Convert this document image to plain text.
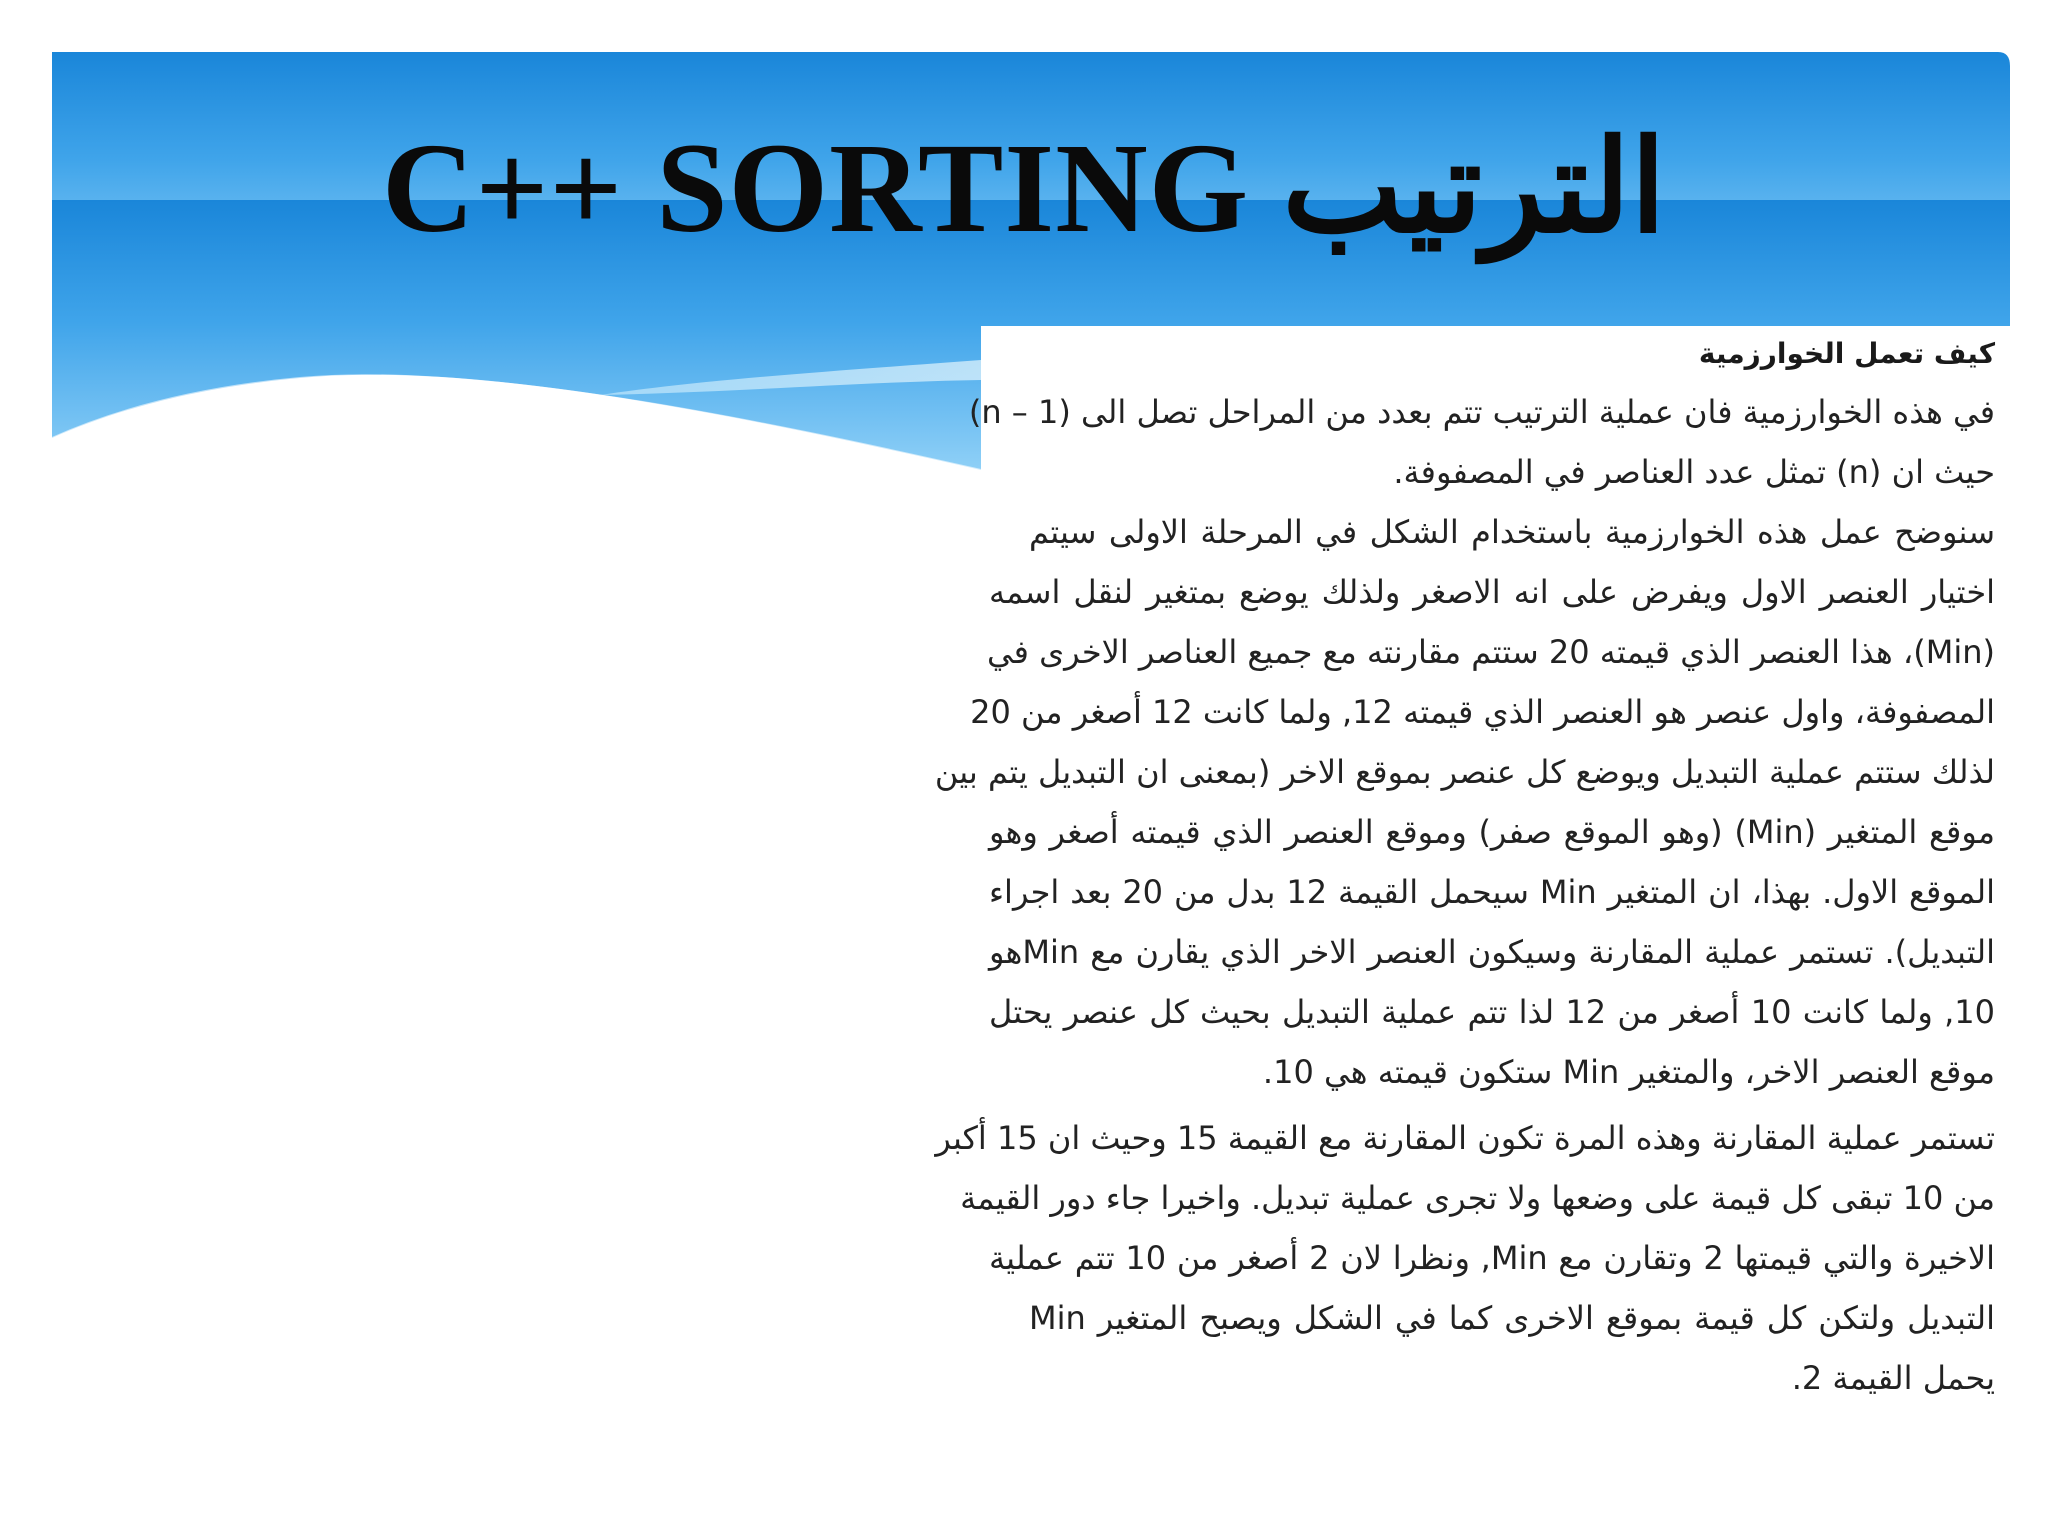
C++ SORTING الترتيب
كيف تعمل الخوارزمية
في هذه الخوارزمية فان عملية الترتيب تتم بعدد من المراحل تصل الى (n – 1)
حيث ان (n) تمثل عدد العناصر في المصفوفة.
سنوضح عمل هذه الخوارزمية باستخدام الشكل في المرحلة الاولى سيتم
اختيار العنصر الاول ويفرض على انه الاصغر ولذلك يوضع بمتغير لنقل اسمه
(Min)، هذا العنصر الذي قيمته 20 ستتم مقارنته مع جميع العناصر الاخرى في
المصفوفة، واول عنصر هو العنصر الذي قيمته 12, ولما كانت 12 أصغر من 20
لذلك ستتم عملية التبديل ويوضع كل عنصر بموقع الاخر (بمعنى ان التبديل يتم بين
موقع المتغير (Min) (وهو الموقع صفر) وموقع العنصر الذي قيمته أصغر وهو
الموقع الاول. بهذا، ان المتغير Min سيحمل القيمة 12 بدل من 20 بعد اجراء
التبديل). تستمر عملية المقارنة وسيكون العنصر الاخر الذي يقارن مع Minهو
10, ولما كانت 10 أصغر من 12 لذا تتم عملية التبديل بحيث كل عنصر يحتل
موقع العنصر الاخر، والمتغير Min ستكون قيمته هي 10.
تستمر عملية المقارنة وهذه المرة تكون المقارنة مع القيمة 15 وحيث ان 15 أكبر
من 10 تبقى كل قيمة على وضعها ولا تجرى عملية تبديل. واخيرا جاء دور القيمة
الاخيرة والتي قيمتها 2 وتقارن مع Min, ونظرا لان 2 أصغر من 10 تتم عملية
التبديل ولتكن كل قيمة بموقع الاخرى كما في الشكل ويصبح المتغير Min
يحمل القيمة 2.
